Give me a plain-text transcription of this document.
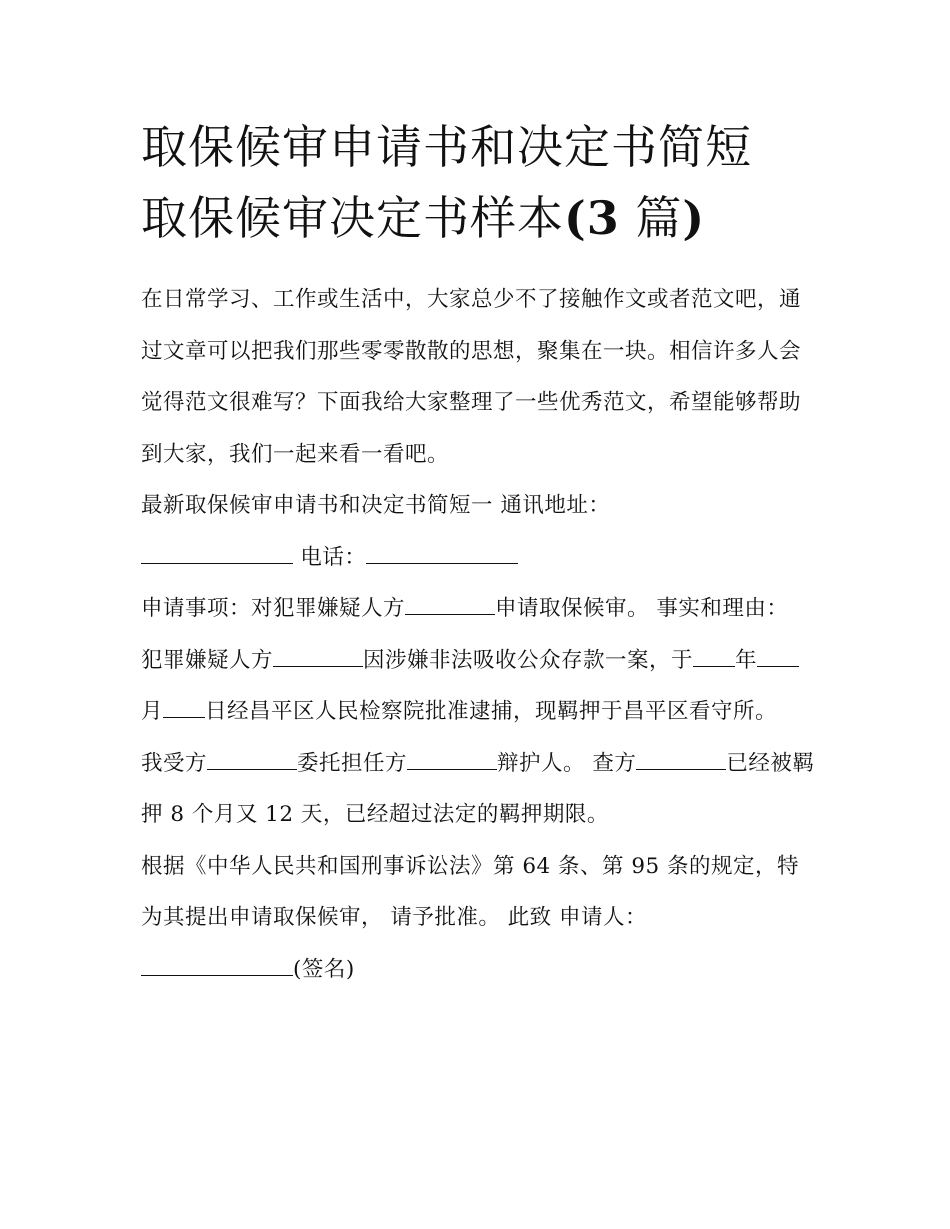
取保候审申请书和决定书简短
取保候审决定书样本(3 篇)

在日常学习、工作或生活中，大家总少不了接触作文或者范文吧，通过文章可以把我们那些零零散散的思想，聚集在一块。相信许多人会觉得范文很难写？下面我给大家整理了一些优秀范文，希望能够帮助到大家，我们一起来看一看吧。

最新取保候审申请书和决定书简短一 通讯地址：
电话：

申请事项：对犯罪嫌疑人方	申请取保候审。 事实和理由：

犯罪嫌疑人方	因涉嫌非法吸收公众存款一案，于 年月 日经昌平区人民检察院批准逮捕，现羁押于昌平区看守所。

我受方	委托担任方	辩护人。 查方	已经被羁押 8 个月又 12 天，已经超过法定的羁押期限。

根据《中华人民共和国刑事诉讼法》第 64 条、第 95 条的规定，特为其提出申请取保候审， 请予批准。 此致 申请人：
(签名)
